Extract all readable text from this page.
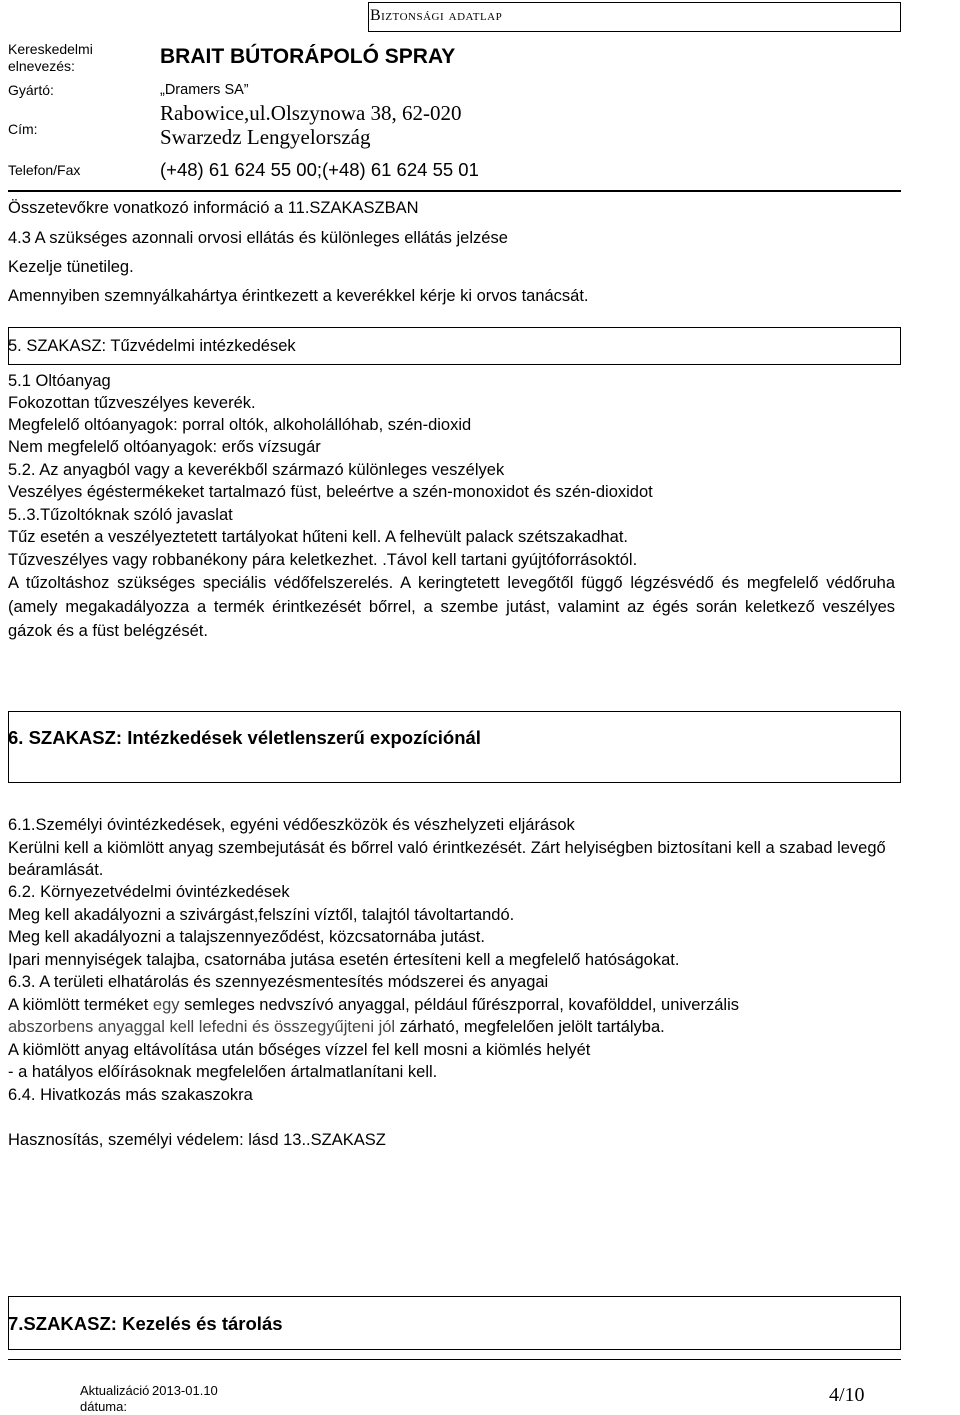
Biztonsági adatlap
Kereskedelmi
elnevezés:	BRAIT BÚTORÁPOLÓ SPRAY
Gyártó:	„Dramers SA”
Cím:
Rabowice,ul.Olszynowa 38, 62-020
Swarzedz Lengyelország
Telefon/Fax	(+48) 61 624 55 00;(+48) 61 624 55 01
Összetevőkre vonatkozó információ a 11.SZAKASZBAN
4.3 A szükséges azonnali orvosi ellátás és különleges ellátás jelzése
Kezelje tünetileg.
Amennyiben szemnyálkahártya érintkezett a keverékkel kérje ki orvos tanácsát.
5. SZAKASZ: Tűzvédelmi intézkedések
5.1 Oltóanyag
Fokozottan tűzveszélyes keverék.
Megfelelő oltóanyagok: porral oltók, alkoholállóhab, szén-dioxid
Nem megfelelő oltóanyagok: erős vízsugár
5.2. Az anyagból vagy a keverékből származó különleges veszélyek
Veszélyes égéstermékeket tartalmazó füst, beleértve a szén-monoxidot és szén-dioxidot
5..3.Tűzoltóknak szóló javaslat
Tűz esetén a veszélyeztetett tartályokat hűteni kell. A felhevült palack szétszakadhat.
Tűzveszélyes vagy robbanékony pára keletkezhet. .Távol kell tartani gyújtóforrásoktól.
A tűzoltáshoz szükséges speciális védőfelszerelés. A keringtetett levegőtől függő légzésvédő és megfelelő védőruha (amely megakadályozza a termék érintkezését bőrrel, a szembe jutást, valamint az égés során keletkező veszélyes gázok és a füst belégzését.
6. SZAKASZ: Intézkedések véletlenszerű expozíciónál
6.1.Személyi óvintézkedések, egyéni védőeszközök és vészhelyzeti eljárások
Kerülni kell a kiömlött anyag szembejutását és bőrrel való érintkezését. Zárt helyiségben biztosítani kell a szabad levegő beáramlását.
6.2. Környezetvédelmi óvintézkedések
Meg kell akadályozni a szivárgást,felszíni víztől, talajtól távoltartandó.
Meg kell akadályozni a talajszennyeződést, közcsatornába jutást.
Ipari mennyiségek talajba, csatornába jutása esetén értesíteni kell a megfelelő hatóságokat.
6.3. A területi elhatárolás és szennyezésmentesítés módszerei és anyagai
A kiömlött terméket egy semleges nedvszívó anyaggal, például fűrészporral, kovafölddel, univerzális
abszorbens anyaggal kell lefedni és összegyűjteni jól zárható, megfelelően jelölt tartályba.
A kiömlött anyag eltávolítása után bőséges vízzel fel kell mosni a kiömlés helyét
- a hatályos előírásoknak megfelelően ártalmatlanítani kell.
6.4. Hivatkozás más szakaszokra
Hasznosítás, személyi védelem: lásd 13..SZAKASZ
7.SZAKASZ: Kezelés és tárolás
Aktualizáció
dátuma:
2013-01.10	4/10
